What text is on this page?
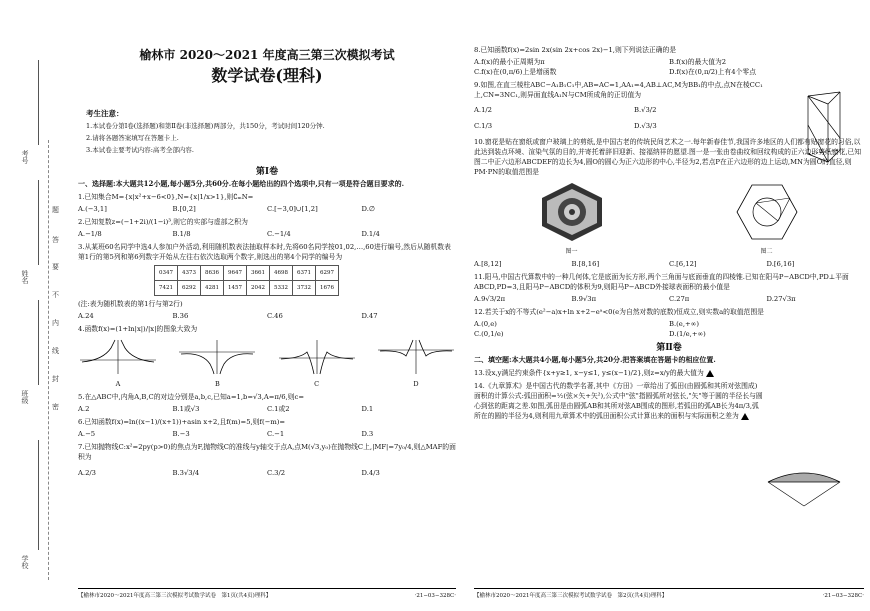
考号
姓名
班级
学校
题
答
要
不
内
线
封
密
榆林市 2020～2021 年度高三第三次模拟考试
数学试卷(理科)
考生注意：

1.本试卷分第Ⅰ卷(选择题)和第Ⅱ卷(非选择题)两部分，共150分，考试时间120分钟.

2.请将各题答案填写在答题卡上.

3.本试卷主要考试内容:高考全部内容.

第Ⅰ卷
一、选择题:本大题共12小题,每小题5分,共60分.在每小题给出的四个选项中,只有一项是符合题目要求的.
1.已知集合M={x|x²+x−6<0},N={x|1/x>1},则∁ₘN=
A.(−3,1]	B.[0,2]	C.[−3,0]∪[1,2]	D.∅
2.已知复数z=(−1+2i)/(1−i)³,则它的实部与虚部之积为
A.−1/8	B.1/8	C.−1/4	D.1/4
3.从某班60名同学中选4人参加户外活动,利用随机数表法抽取样本时,先将60名同学按01,02,…,60进行编号,然后从随机数表第1行的第5列和第6列数字开始从左往右依次选取两个数字,则选出的第4个同学的编号为
0347	4373	8636	9647	3661	4698	6371	6297
7421	6292	4281	1457	2042	5332	3732	1676
(注:表为随机数表的第1行与第2行)
A.24	B.36	C.46	D.47
4.函数f(x)=(1+ln|x|)/|x|的图象大致为
A	B	C	D
5.在△ABC中,内角A,B,C的对边分别是a,b,c,已知a=1,b=√3,A=π/6,则c=
A.2	B.1或√3	C.1或2	D.1
6.已知函数f(x)=ln((x−1)/(x+1))+asin x+2,且f(m)=5,则f(−m)=
A.−5	B.−3	C.−1	D.3
7.已知抛物线C:x²=2py(p>0)的焦点为F,抛物线C的准线与y轴交于点A,点M(√3,y₀)在抛物线C上,|MF|=7y₀/4,则△MAF的面积为
A.2/3	B.3√3/4	C.3/2	D.4/3
【榆林市2020～2021年度高三第三次模拟考试数学试卷　第1页(共4页)理科】	·21−03−328C·
8.已知函数f(x)=2sin 2x(sin 2x+cos 2x)−1,则下列说法正确的是
A.f(x)的最小正周期为π	B.f(x)的最大值为2
C.f(x)在(0,π/6)上是增函数	D.f(x)在(0,π/2)上有4个零点
9.如图,在直三棱柱ABC−A₁B₁C₁中,AB=AC=1,AA₁=4,AB⊥AC,M为BB₁的中点,点N在棱CC₁上,CN=3NC₁,则异面直线A₁N与CM所成角的正切值为
A.1/2	B.√3/2
C.1/3	D.√3/3
10.窗花是贴在窗纸或窗户玻璃上的剪纸,是中国古老的传统民间艺术之一.每年新春佳节,我国许多地区的人们都有贴窗花的习俗,以此达到装点环境、渲染气氛的目的,并寄托着辞旧迎新、接福纳祥的愿望.图一是一张由卷曲纹和回纹构成的正六边形剪纸窗花,已知图二中正六边形ABCDEF的边长为4,圆O的圆心为正六边形的中心,半径为2,若点P在正六边形的边上运动,MN为圆O的直径,则PM·PN的取值范围是
图一	图二
A.[8,12]	B.[8,16]	C.[6,12]	D.[6,16]
11.阳马,中国古代算数中的一种几何体,它是底面为长方形,两个三角面与底面垂直的四棱锥.已知在阳马P−ABCD中,PD⊥平面ABCD,PD=3,且阳马P−ABCD的体积为9,则阳马P−ABCD外接球表面积的最小值是
A.9√3/2π	B.9√3π	C.27π	D.27√3π
12.若关于x的不等式(e²−a)x+ln x+2−eᵃ<0(e为自然对数的底数)恒成立,则实数a的取值范围是
A.(0,e)	B.(e,+∞)
C.(0,1/e)	D.(1/e,+∞)
第Ⅱ卷
二、填空题:本大题共4小题,每小题5分,共20分.把答案填在答题卡的相应位置.
13.设x,y满足约束条件{x+y≥1, x−y≤1, y≤(x−1)/2},则z=x/y的最大值为
14.《九章算术》是中国古代的数学名著,其中《方田》一章给出了弧田(由圆弧和其所对弦围成)面积的计算公式:弧田面积=½(弦×矢+矢²),公式中"弦"指圆弧所对弦长,"矢"等于圆的半径长与圆心到弦的距离之差.如图,弧田是由圆弧AB和其所对弦AB围成的图形,若弧田的弧AB长为4π/3,弧所在的圆的半径为4,则利用九章算术中的弧田面积公式计算出来的面积与实际面积之差为
【榆林市2020～2021年度高三第三次模拟考试数学试卷　第2页(共4页)理科】	·21−03−328C·
